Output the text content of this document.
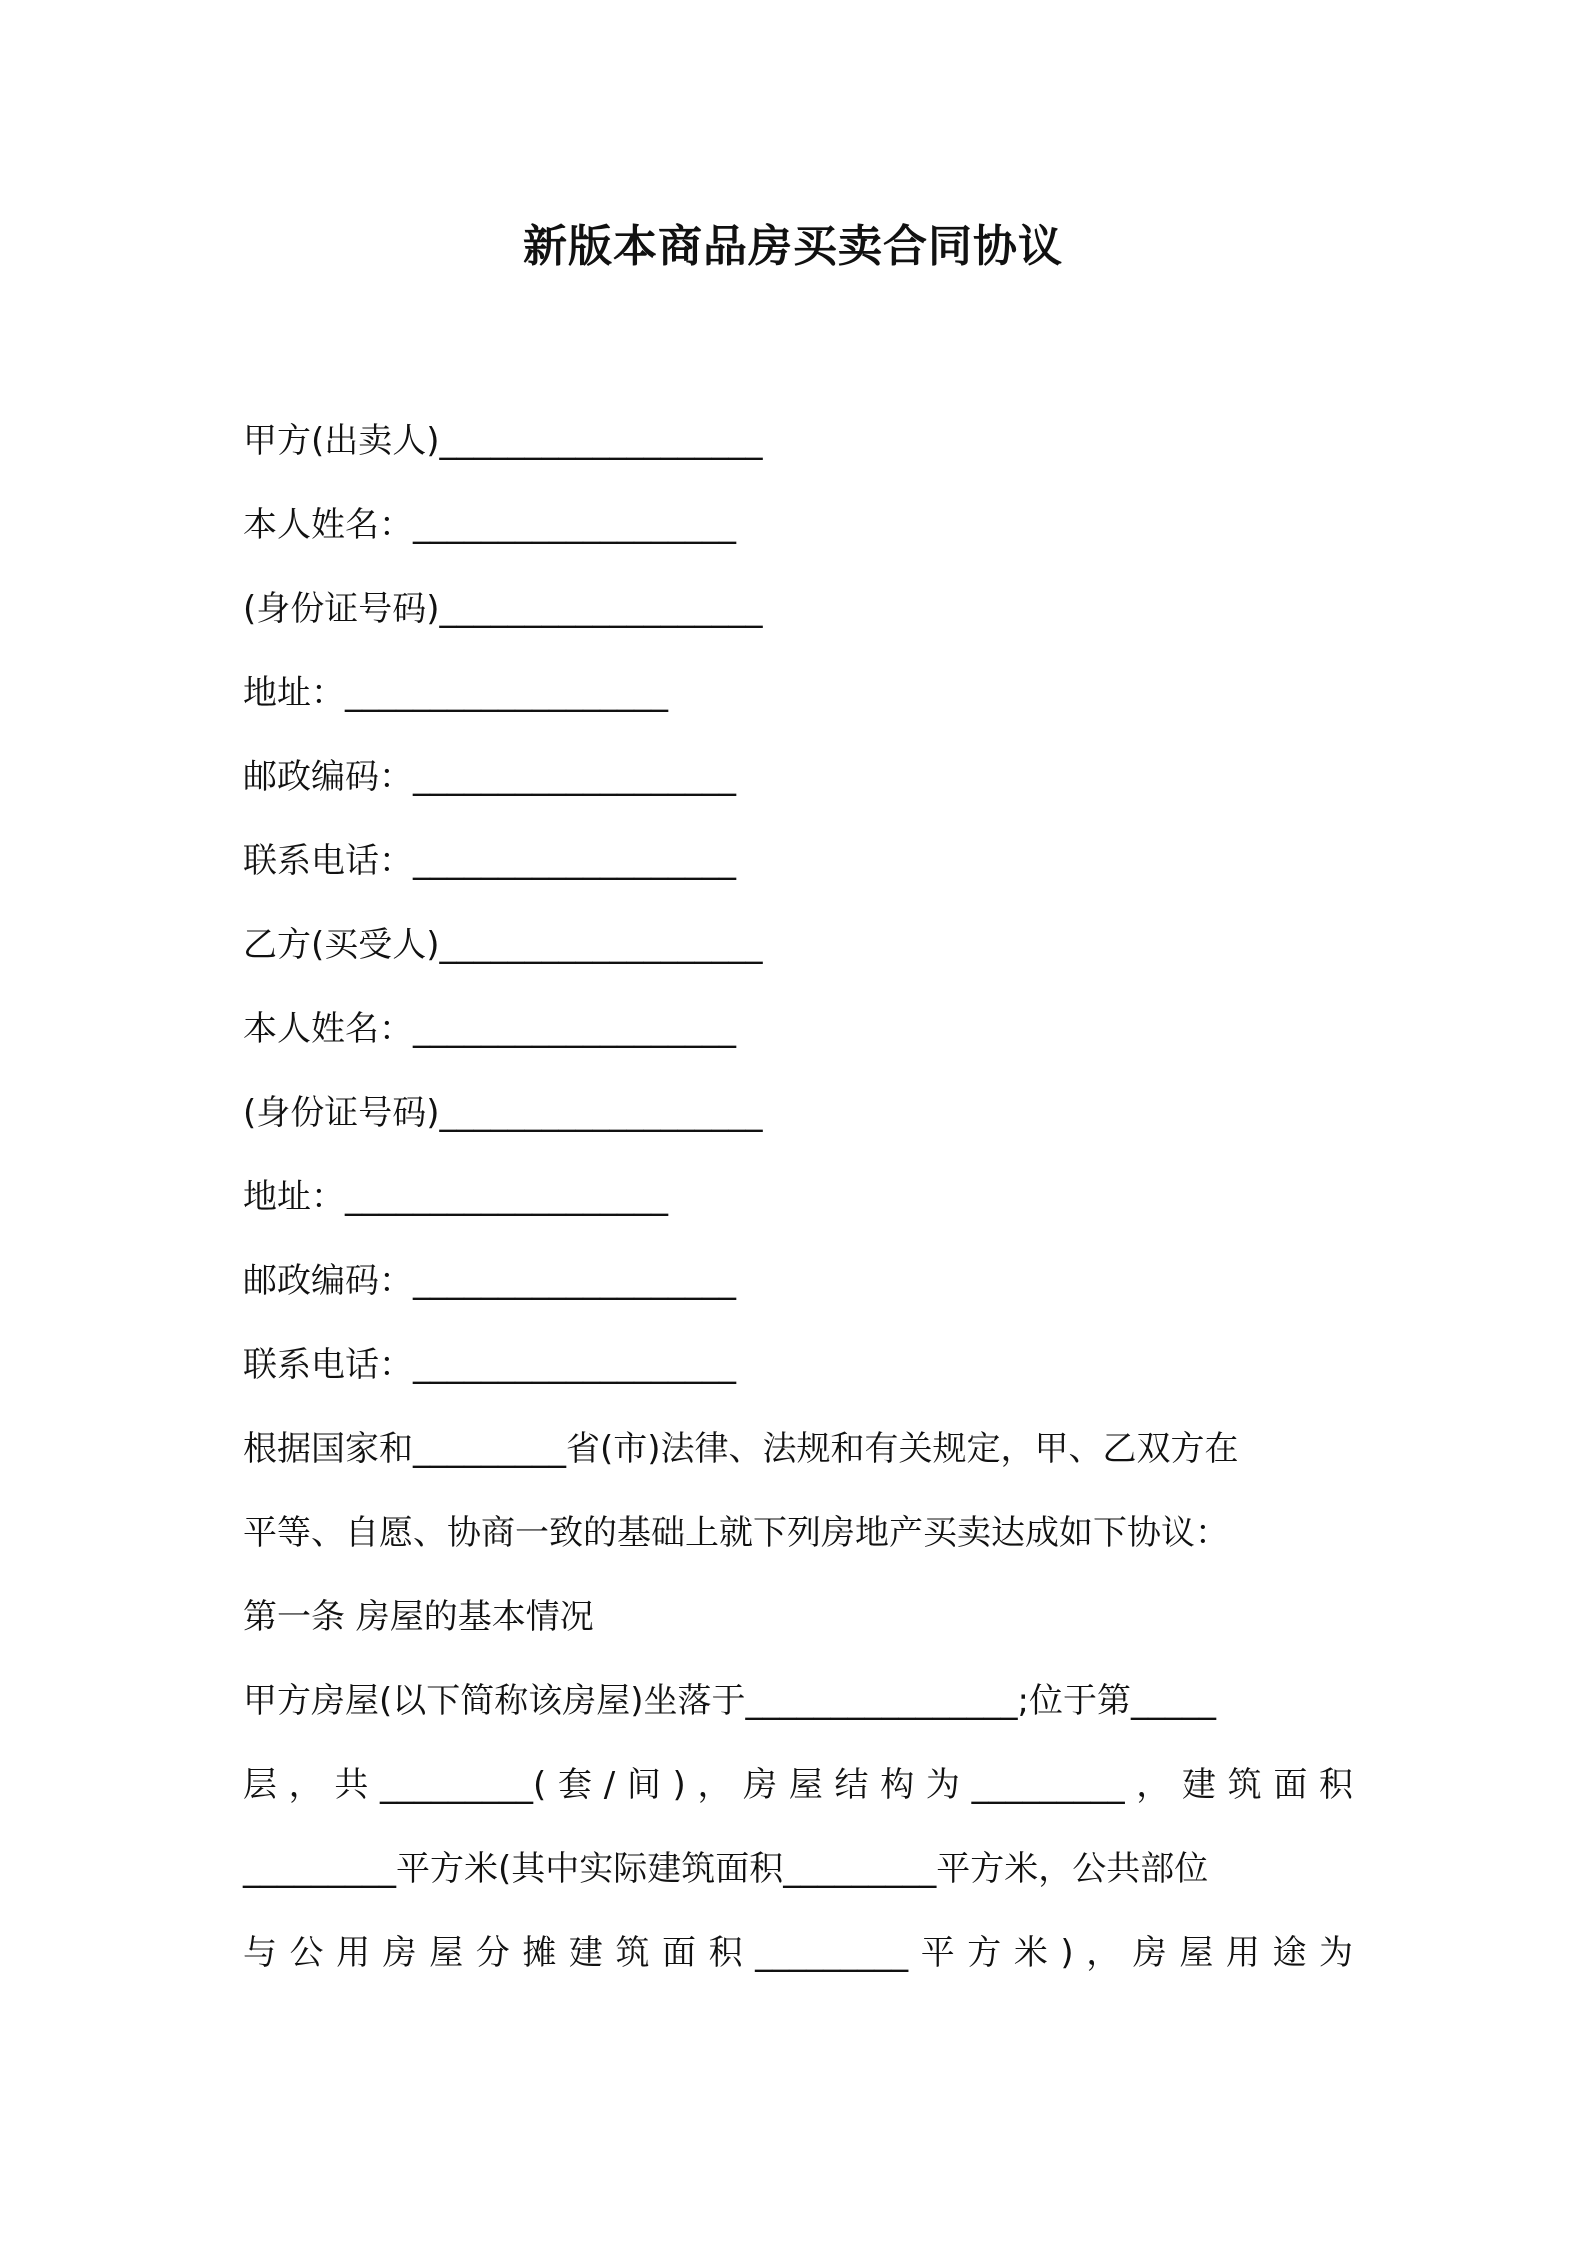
新版本商品房买卖合同协议
甲方(出卖人)___________________
本人姓名：___________________
(身份证号码)___________________
地址：___________________
邮政编码：___________________
联系电话：___________________
乙方(买受人)___________________
本人姓名：___________________
(身份证号码)___________________
地址：___________________
邮政编码：___________________
联系电话：___________________
根据国家和_________省(市)法律、法规和有关规定，甲、乙双方在
平等、自愿、协商一致的基础上就下列房地产买卖达成如下协议：
第一条 房屋的基本情况
甲方房屋(以下简称该房屋)坐落于________________;位于第_____
层，共_________(套/间)，房屋结构为_________，建筑面积
_________平方米(其中实际建筑面积_________平方米，公共部位
与公用房屋分摊建筑面积_________平方米)，房屋用途为
